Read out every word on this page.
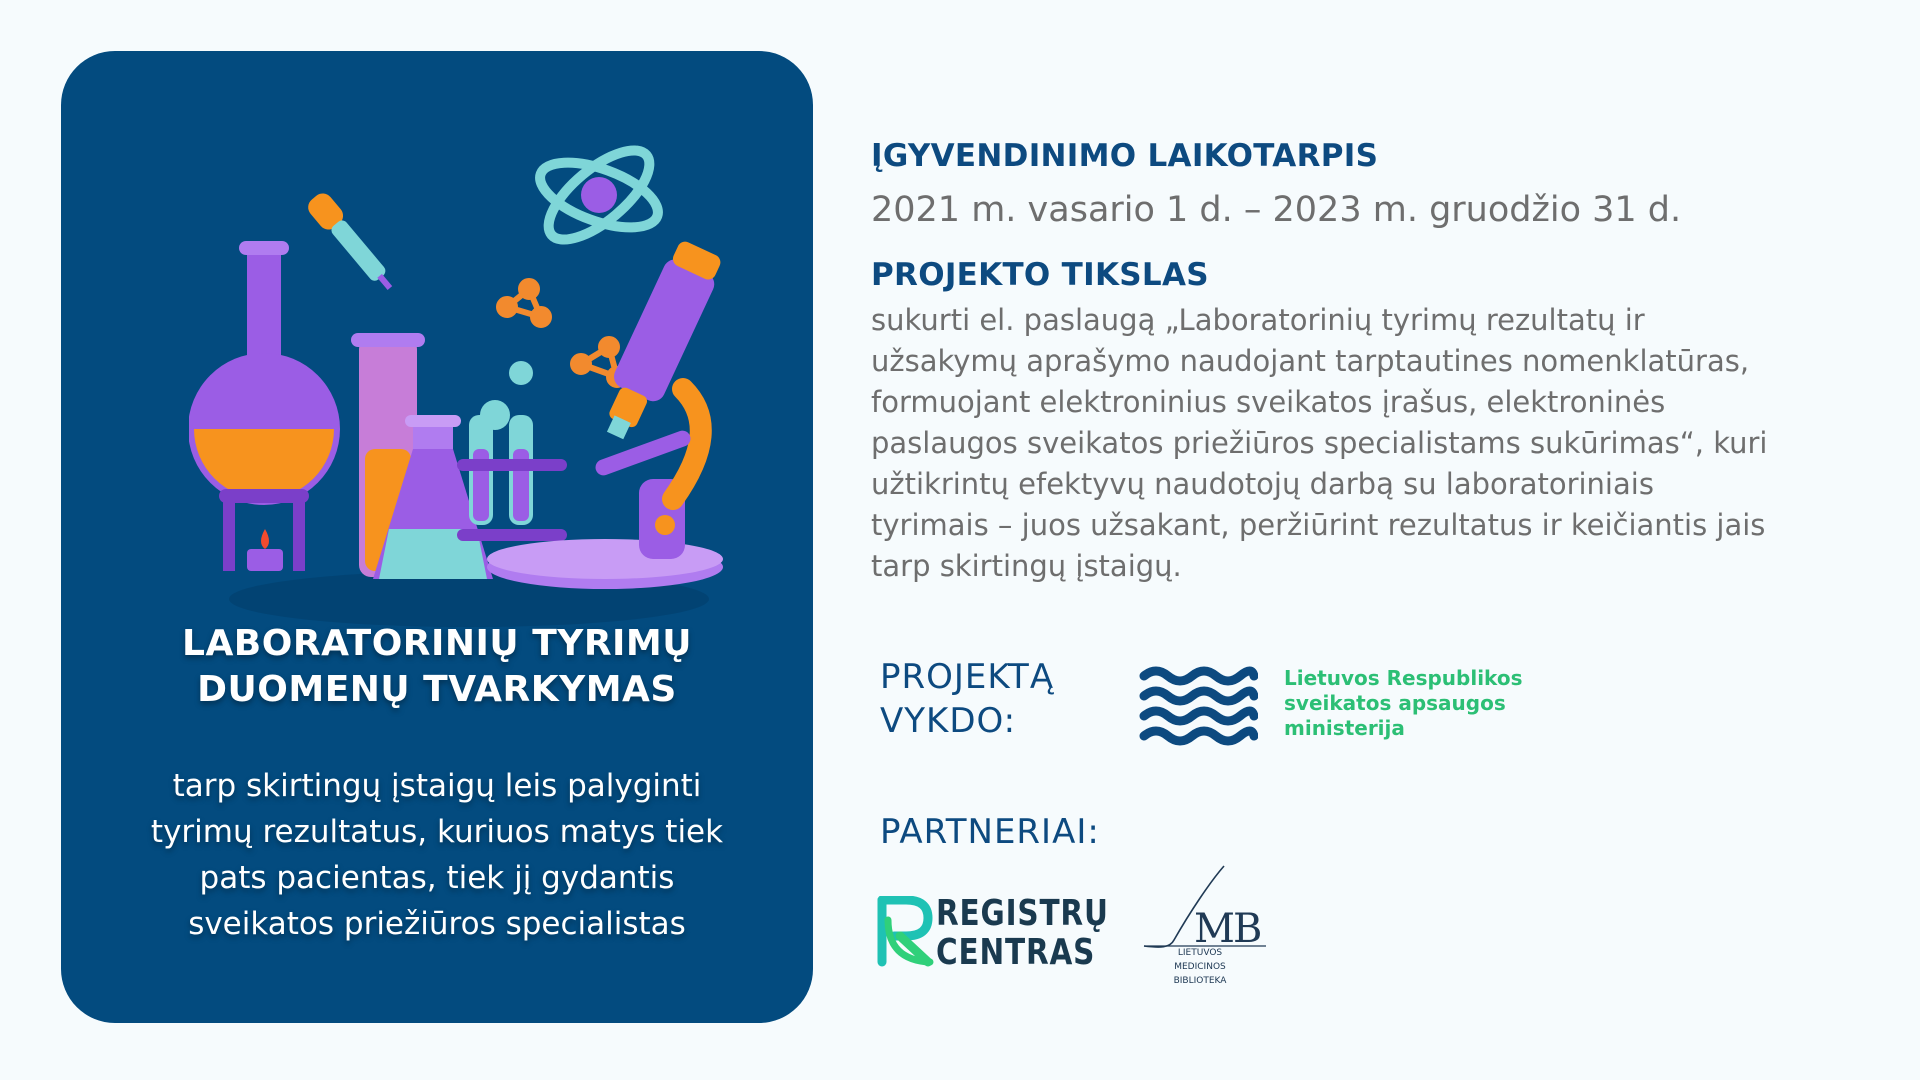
LABORATORINIŲ TYRIMŲ
DUOMENŲ TVARKYMAS
tarp skirtingų įstaigų leis palyginti
tyrimų rezultatus, kuriuos matys tiek
pats pacientas, tiek jį gydantis
sveikatos priežiūros specialistas
ĮGYVENDINIMO LAIKOTARPIS
2021 m. vasario 1 d. – 2023 m. gruodžio 31 d.
PROJEKTO TIKSLAS
sukurti el. paslaugą „Laboratorinių tyrimų rezultatų ir
užsakymų aprašymo naudojant tarptautines nomenklatūras,
formuojant elektroninius sveikatos įrašus, elektroninės
paslaugos sveikatos priežiūros specialistams sukūrimas“, kuri
užtikrintų efektyvų naudotojų darbą su laboratoriniais
tyrimais – juos užsakant, peržiūrint rezultatus ir keičiantis jais
tarp skirtingų įstaigų.
PROJEKTĄ
VYKDO:
Lietuvos Respublikos
sveikatos apsaugos
ministerija
PARTNERIAI:
REGISTRŲ
CENTRAS
MB
LIETUVOS
MEDICINOS
BIBLIOTEKA
